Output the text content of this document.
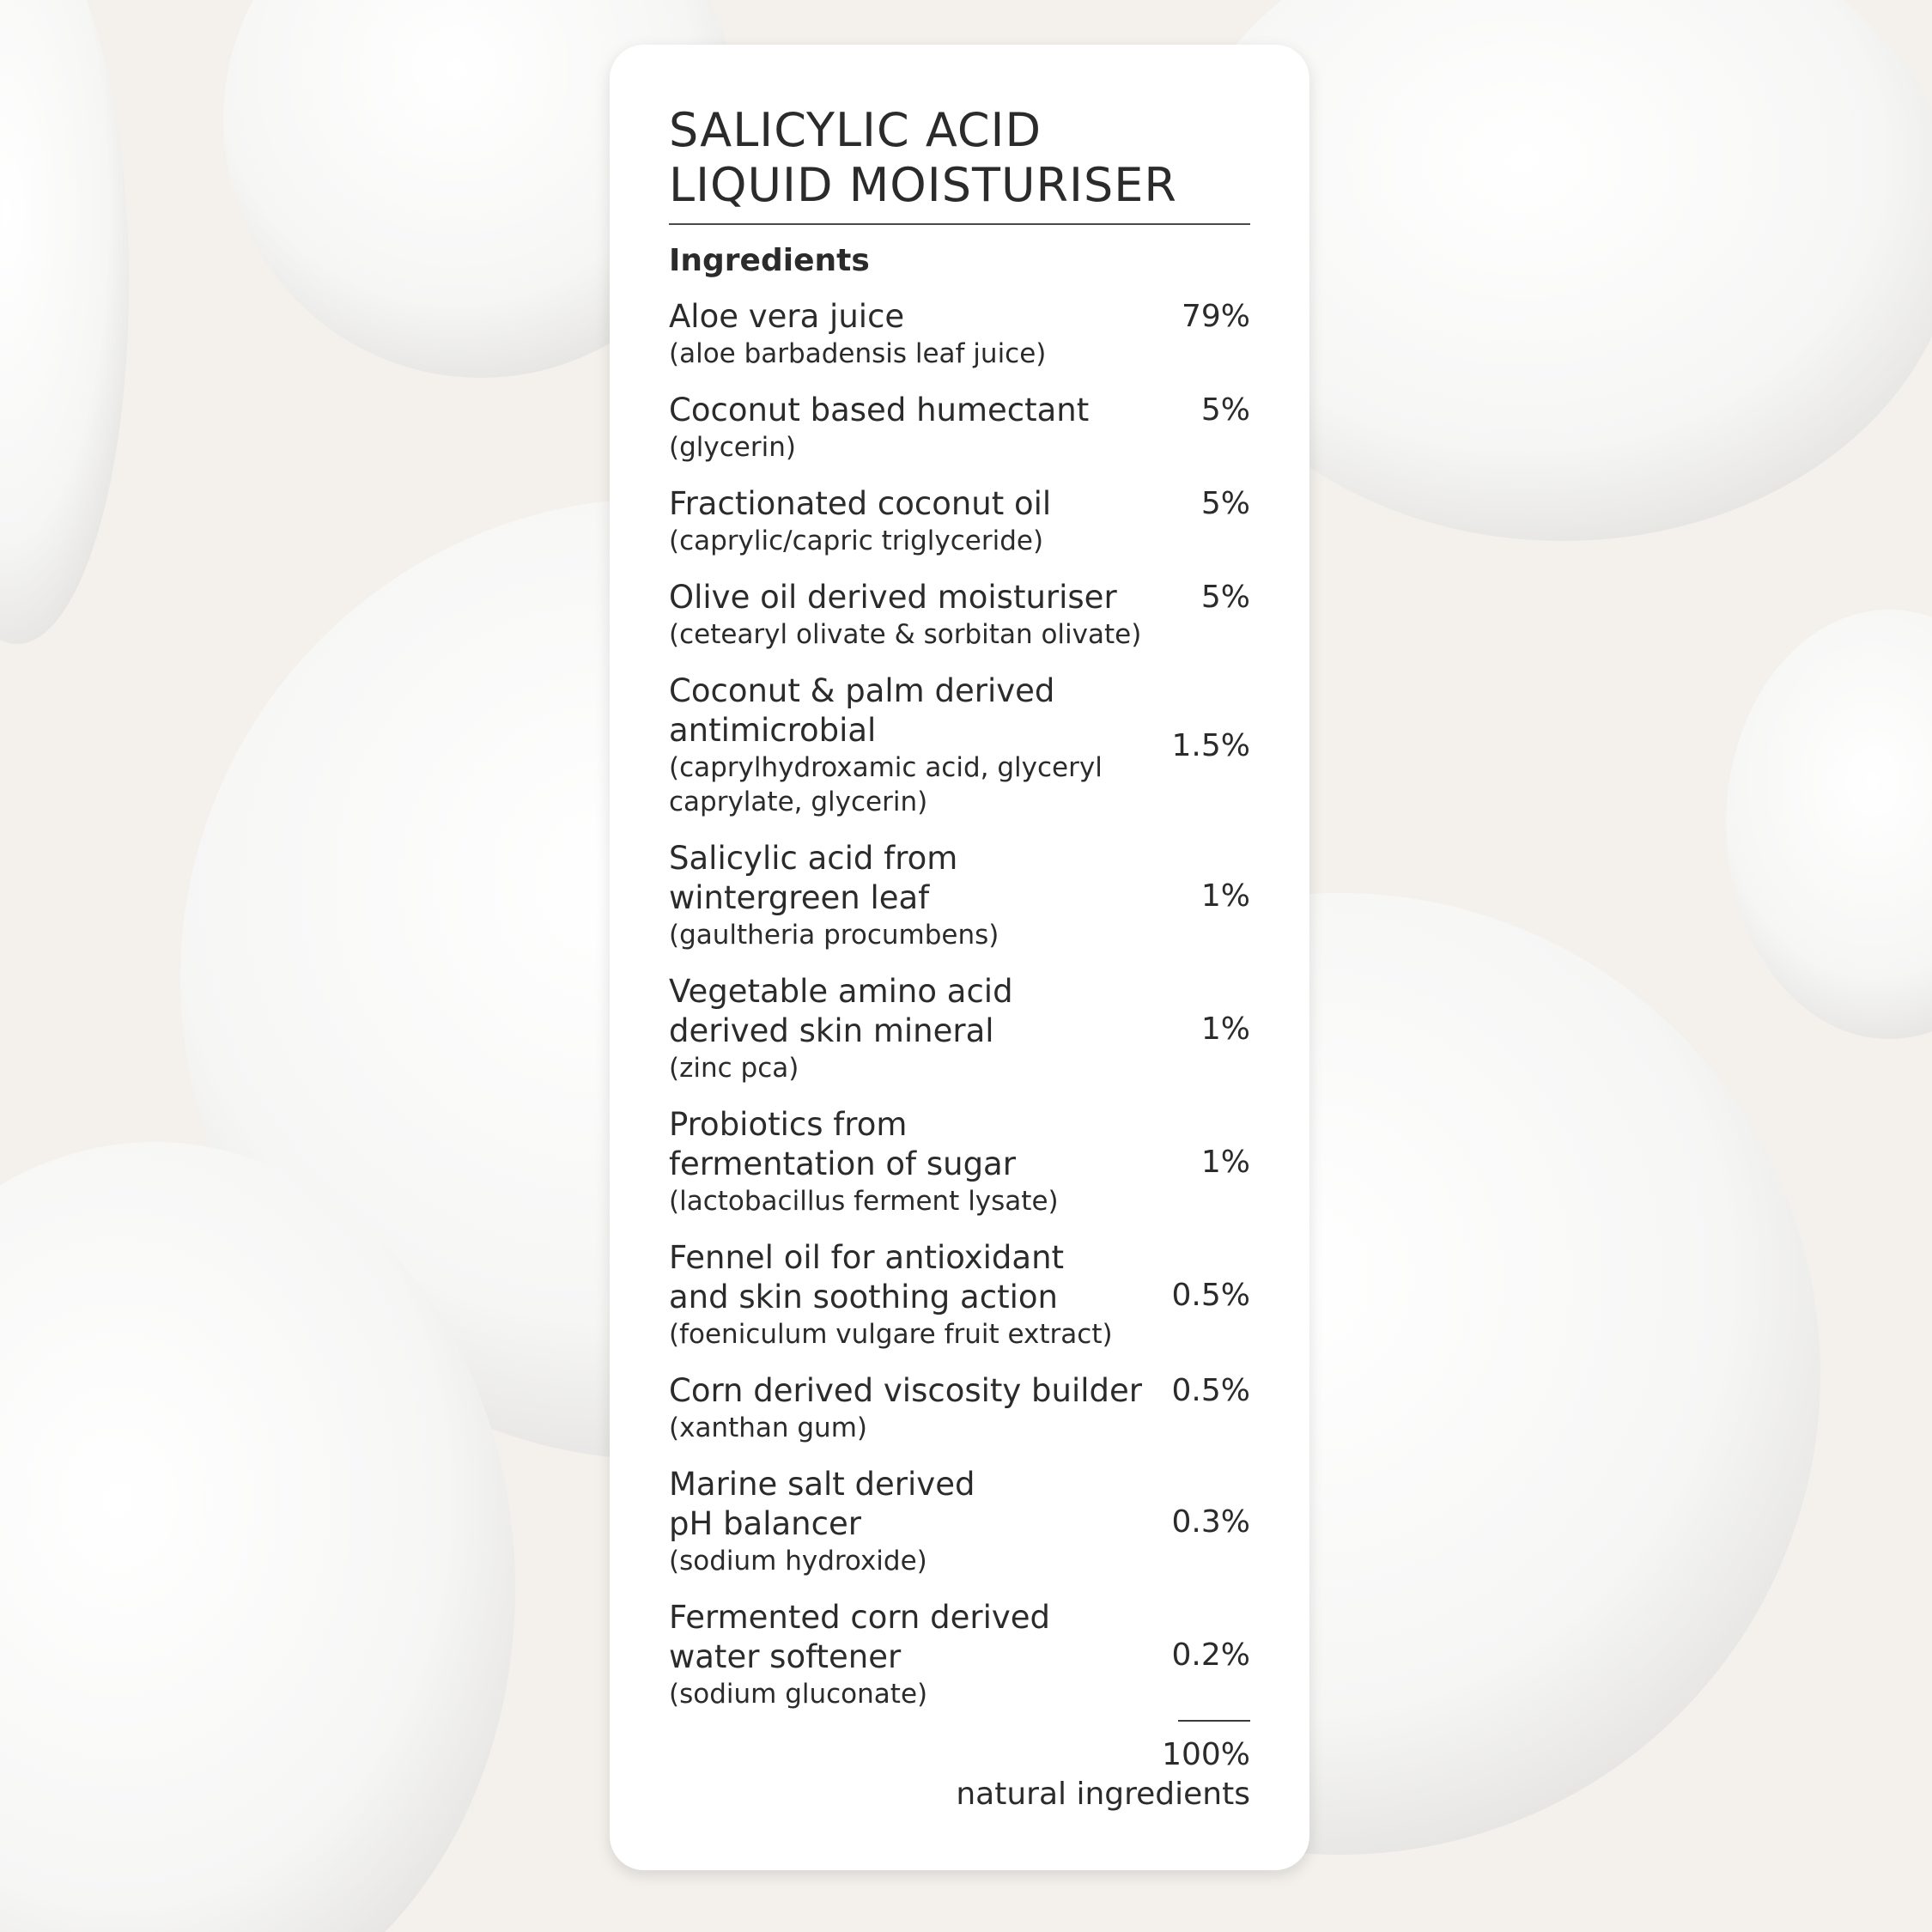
SALICYLIC ACID
LIQUID MOISTURISER
Ingredients
Aloe vera juice
(aloe barbadensis leaf juice)
79%
Coconut based humectant
(glycerin)
5%
Fractionated coconut oil
(caprylic/capric triglyceride)
5%
Olive oil derived moisturiser
(cetearyl olivate & sorbitan olivate)
5%
Coconut & palm derived
antimicrobial
(caprylhydroxamic acid, glyceryl
caprylate, glycerin)
1.5%
Salicylic acid from
wintergreen leaf
(gaultheria procumbens)
1%
Vegetable amino acid
derived skin mineral
(zinc pca)
1%
Probiotics from
fermentation of sugar
(lactobacillus ferment lysate)
1%
Fennel oil for antioxidant
and skin soothing action
(foeniculum vulgare fruit extract)
0.5%
Corn derived viscosity builder
(xanthan gum)
0.5%
Marine salt derived
pH balancer
(sodium hydroxide)
0.3%
Fermented corn derived
water softener
(sodium gluconate)
0.2%
100%
natural ingredients
